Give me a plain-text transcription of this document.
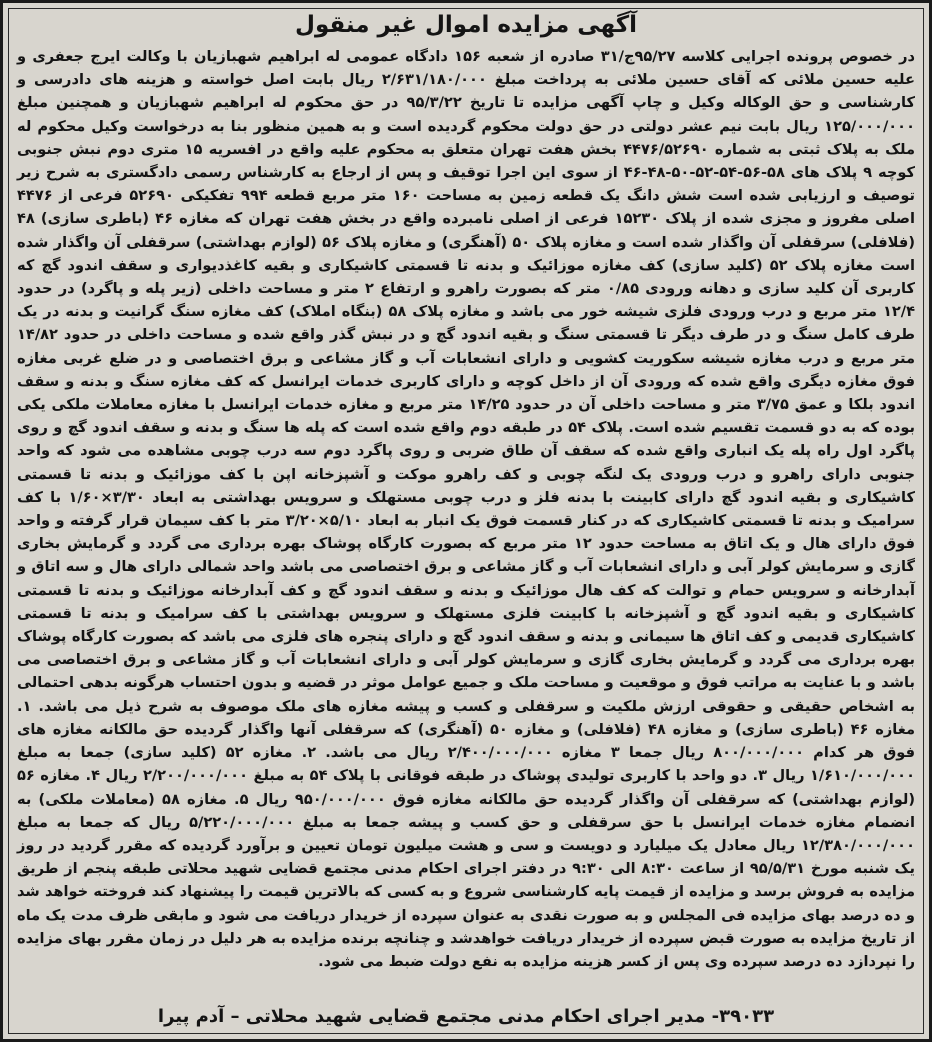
آگهی مزایده اموال غیر منقول
در خصوص پرونده اجرایی کلاسه ۹۵/۲۷ج/۳۱ صادره از شعبه ۱۵۶ دادگاه عمومی له ابراهیم شهبازیان با وکالت ایرج جعفری و علیه حسین ملائی که آقای حسین ملائی به پرداخت مبلغ ۲/۶۳۱/۱۸۰/۰۰۰ ریال بابت اصل خواسته و هزینه های دادرسی و کارشناسی و حق الوکاله وکیل و چاپ آگهی مزایده تا تاریخ ۹۵/۳/۲۲ در حق محکوم له ابراهیم شهبازیان و همچنین مبلغ ۱۲۵/۰۰۰/۰۰۰ ریال بابت نیم عشر دولتی در حق دولت محکوم گردیده است و به همین منظور بنا به درخواست وکیل محکوم له ملک به پلاک ثبتی به شماره ۴۴۷۶/۵۲۶۹۰ بخش هفت تهران متعلق به محکوم علیه واقع در افسریه ۱۵ متری دوم نبش جنوبی کوچه ۹ پلاک های ۵۸-۵۶-۵۴-۵۲-۵۰-۴۸-۴۶ از سوی این اجرا توقیف و پس از ارجاع به کارشناس رسمی دادگستری به شرح زیر توصیف و ارزیابی شده است شش دانگ یک قطعه زمین به مساحت ۱۶۰ متر مربع قطعه ۹۹۴ تفکیکی ۵۲۶۹۰ فرعی از ۴۴۷۶ اصلی مفروز و مجزی شده از پلاک ۱۵۲۳۰ فرعی از اصلی نامبرده واقع در بخش هفت تهران که مغازه ۴۶ (باطری سازی) ۴۸ (فلافلی) سرقفلی آن واگذار شده است و مغازه پلاک ۵۰ (آهنگری) و مغازه پلاک ۵۶ (لوازم بهداشتی) سرقفلی آن واگذار شده است مغازه پلاک ۵۲ (کلید سازی) کف مغازه موزائیک و بدنه تا قسمتی کاشیکاری و بقیه کاغذدیواری و سقف اندود گچ که کاربری آن کلید سازی و دهانه ورودی ۰/۸۵ متر که بصورت راهرو و ارتفاع ۲ متر و مساحت داخلی (زیر پله و پاگرد) در حدود ۱۲/۴ متر مربع و درب ورودی فلزی شیشه خور می باشد و مغازه پلاک ۵۸ (بنگاه املاک) کف مغازه سنگ گرانیت و بدنه در یک طرف کامل سنگ و در طرف دیگر تا قسمتی سنگ و بقیه اندود گچ و در نبش گذر واقع شده و مساحت داخلی در حدود ۱۴/۸۲ متر مربع و درب مغازه شیشه سکوریت کشویی و دارای انشعابات آب و گاز مشاعی و برق اختصاصی و در ضلع غربی مغازه فوق مغازه دیگری واقع شده که ورودی آن از داخل کوچه و دارای کاربری خدمات ایرانسل که کف مغازه سنگ و بدنه و سقف اندود بلکا و عمق ۳/۷۵ متر و مساحت داخلی آن در حدود ۱۴/۲۵ متر مربع و مغازه خدمات ایرانسل با مغازه معاملات ملکی یکی بوده که به دو قسمت تقسیم شده است. پلاک ۵۴ در طبقه دوم واقع شده است که پله ها سنگ و بدنه و سقف اندود گچ و روی پاگرد اول راه پله یک انباری واقع شده که سقف آن طاق ضربی و روی پاگرد دوم سه درب چوبی مشاهده می شود که واحد جنوبی دارای راهرو و درب ورودی یک لنگه چوبی و کف راهرو موکت و آشپزخانه اپن با کف موزائیک و بدنه تا قسمتی کاشیکاری و بقیه اندود گچ دارای کابینت با بدنه فلز و درب چوبی مستهلک و سرویس بهداشتی به ابعاد ۳/۳۰×۱/۶۰ با کف سرامیک و بدنه تا قسمتی کاشیکاری که در کنار قسمت فوق یک انبار به ابعاد ۵/۱۰×۳/۲۰ متر با کف سیمان قرار گرفته و واحد فوق دارای هال و یک اتاق به مساحت حدود ۱۲ متر مربع که بصورت کارگاه پوشاک بهره برداری می گردد و گرمایش بخاری گازی و سرمایش کولر آبی و دارای انشعابات آب و گاز مشاعی و برق اختصاصی می باشد واحد شمالی دارای هال و سه اتاق و آبدارخانه و سرویس حمام و توالت که کف هال موزائیک و بدنه و سقف اندود گچ و کف آبدارخانه موزائیک و بدنه تا قسمتی کاشیکاری و بقیه اندود گچ و آشپزخانه با کابینت فلزی مستهلک و سرویس بهداشتی با کف سرامیک و بدنه تا قسمتی کاشیکاری قدیمی و کف اتاق ها سیمانی و بدنه و سقف اندود گچ و دارای پنجره های فلزی می باشد که بصورت کارگاه پوشاک بهره برداری می گردد و گرمایش بخاری گازی و سرمایش کولر آبی و دارای انشعابات آب و گاز مشاعی و برق اختصاصی می باشد و با عنایت به مراتب فوق و موقعیت و مساحت ملک و جمیع عوامل موثر در قضیه و بدون احتساب هرگونه بدهی احتمالی به اشخاص حقیقی و حقوقی ارزش ملکیت و سرقفلی و کسب و پیشه مغازه های ملک موصوف به شرح ذیل می باشد. ۱. مغازه ۴۶ (باطری سازی) و مغازه ۴۸ (فلافلی) و مغازه ۵۰ (آهنگری) که سرقفلی آنها واگذار گردیده حق مالکانه مغازه های فوق هر کدام ۸۰۰/۰۰۰/۰۰۰ ریال جمعا ۳ مغازه ۲/۴۰۰/۰۰۰/۰۰۰ ریال می باشد. ۲. مغازه ۵۲ (کلید سازی) جمعا به مبلغ ۱/۶۱۰/۰۰۰/۰۰۰ ریال ۳. دو واحد با کاربری تولیدی پوشاک در طبقه فوقانی با پلاک ۵۴ به مبلغ ۲/۲۰۰/۰۰۰/۰۰۰ ریال ۴. مغازه ۵۶ (لوازم بهداشتی) که سرقفلی آن واگذار گردیده حق مالکانه مغازه فوق ۹۵۰/۰۰۰/۰۰۰ ریال ۵. مغازه ۵۸ (معاملات ملکی) به انضمام مغازه خدمات ایرانسل با حق سرقفلی و حق کسب و پیشه جمعا به مبلغ ۵/۲۲۰/۰۰۰/۰۰۰ ریال که جمعا به مبلغ ۱۲/۳۸۰/۰۰۰/۰۰۰ ریال معادل یک میلیارد و دویست و سی و هشت میلیون تومان تعیین و برآورد گردیده که مقرر گردید در روز یک شنبه مورخ ۹۵/۵/۳۱ از ساعت ۸:۳۰ الی ۹:۳۰ در دفتر اجرای احکام مدنی مجتمع قضایی شهید محلاتی طبقه پنجم از طریق مزایده به فروش برسد و مزایده از قیمت پایه کارشناسی شروع و به کسی که بالاترین قیمت را پیشنهاد کند فروخته خواهد شد و ده درصد بهای مزایده فی المجلس و به صورت نقدی به عنوان سپرده از خریدار دریافت می شود و مابقی ظرف مدت یک ماه از تاریخ مزایده به صورت قبض سپرده از خریدار دریافت خواهدشد و چنانچه برنده مزایده به هر دلیل در زمان مقرر بهای مزایده را نپردازد ده درصد سپرده وی پس از کسر هزینه مزایده به نفع دولت ضبط می شود.
۳۹۰۳۳- مدیر اجرای احکام مدنی مجتمع قضایی شهید محلاتی – آدم پیرا
